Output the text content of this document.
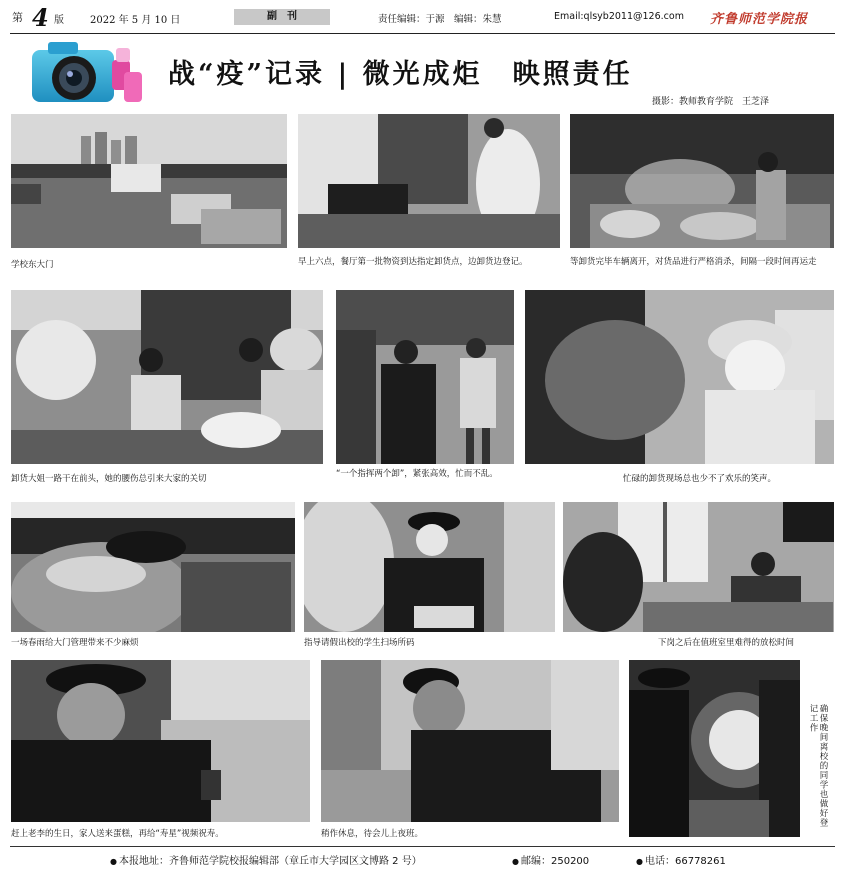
第 4 版	2022 年 5 月 10 日	副　刊	责任编辑：于源　编辑：朱慧	Email:qlsyb2011@126.com 齐鲁师范学院报
战“疫”记录 | 微光成炬　映照责任
摄影：教师教育学院　王芝泽
学校东大门	早上六点，餐厅第一批物资到达指定卸货点，边卸货边登记。	等卸货完毕车辆离开，对货品进行严格消杀，间隔一段时间再运走
卸货大姐一路干在前头，她的腰伤总引来大家的关切	“一个指挥两个卸”，紧张高效，忙而不乱。	忙碌的卸货现场总也少不了欢乐的笑声。
一场春雨给大门管理带来不少麻烦	指导请假出校的学生扫场所码	下岗之后在值班室里难得的放松时间
赶上老李的生日，家人送来蛋糕，再给“寿星”视频祝寿。	稍作休息，待会儿上夜班。
确保晚间离校的同学也做好登记工作
● 本报地址：齐鲁师范学院校报编辑部（章丘市大学园区文博路 2 号）	● 邮编：250200	● 电话：66778261
